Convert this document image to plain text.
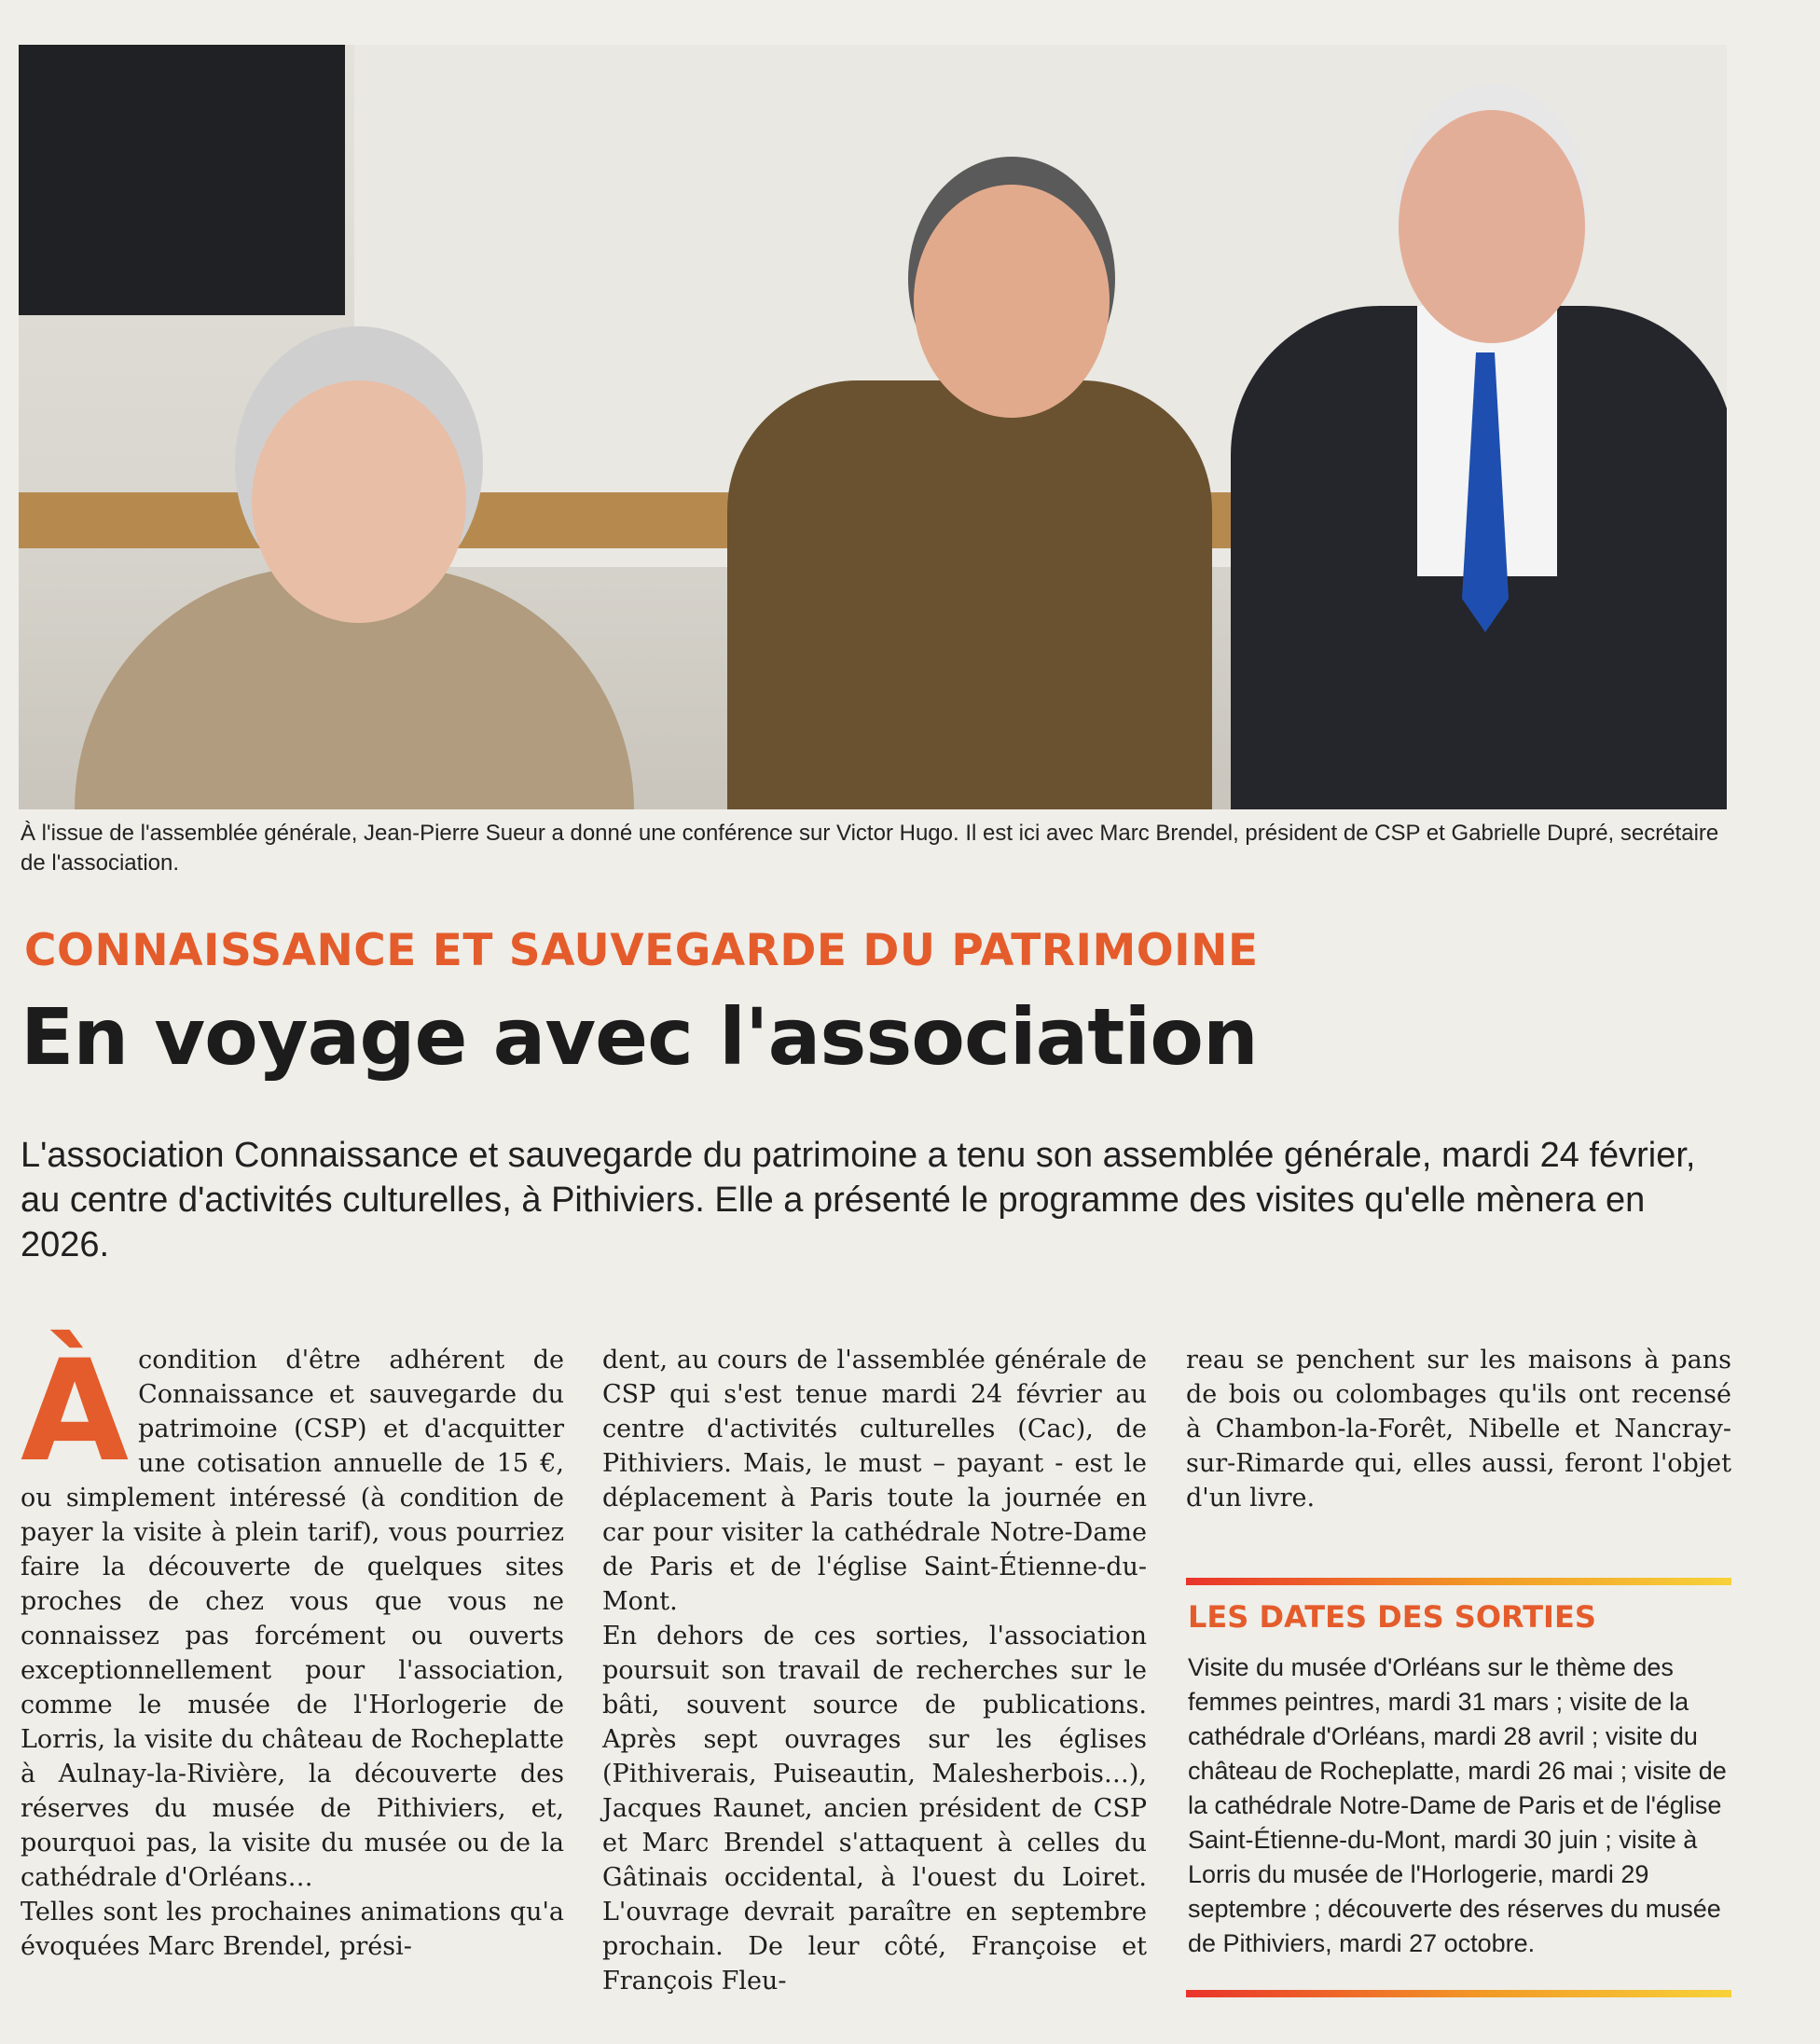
À l'issue de l'assemblée générale, Jean-Pierre Sueur a donné une conférence sur Victor Hugo. Il est ici avec Marc Brendel, président de CSP et Gabrielle Dupré, secrétaire de l'association.
CONNAISSANCE ET SAUVEGARDE DU PATRIMOINE
En voyage avec l'association
L'association Connaissance et sauvegarde du patrimoine a tenu son assemblée générale, mardi 24 février, au centre d'activités culturelles, à Pithiviers. Elle a présenté le programme des visites qu'elle mènera en 2026.
À condition d'être adhérent de Connaissance et sauvegarde du patrimoine (CSP) et d'acquitter une cotisation annuelle de 15 €, ou simplement intéressé (à condition de payer la visite à plein tarif), vous pourriez faire la découverte de quelques sites proches de chez vous que vous ne connaissez pas forcément ou ouverts exceptionnellement pour l'association, comme le musée de l'Horlogerie de Lorris, la visite du château de Rocheplatte à Aulnay-la-Rivière, la découverte des réserves du musée de Pithiviers, et, pourquoi pas, la visite du musée ou de la cathédrale d'Orléans…

Telles sont les prochaines animations qu'a évoquées Marc Brendel, prési-

dent, au cours de l'assemblée générale de CSP qui s'est tenue mardi 24 février au centre d'activités culturelles (Cac), de Pithiviers. Mais, le must – payant - est le déplacement à Paris toute la journée en car pour visiter la cathédrale Notre-Dame de Paris et de l'église Saint-Étienne-du-Mont.

En dehors de ces sorties, l'association poursuit son travail de recherches sur le bâti, souvent source de publications. Après sept ouvrages sur les églises (Pithiverais, Puiseautin, Malesherbois…), Jacques Raunet, ancien président de CSP et Marc Brendel s'attaquent à celles du Gâtinais occidental, à l'ouest du Loiret. L'ouvrage devrait paraître en septembre prochain. De leur côté, Françoise et François Fleu-

reau se penchent sur les maisons à pans de bois ou colombages qu'ils ont recensé à Chambon-la-Forêt, Nibelle et Nancray-sur-Rimarde qui, elles aussi, feront l'objet d'un livre.

LES DATES DES SORTIES
Visite du musée d'Orléans sur le thème des femmes peintres, mardi 31 mars ; visite de la cathédrale d'Orléans, mardi 28 avril ; visite du château de Rocheplatte, mardi 26 mai ; visite de la cathédrale Notre-Dame de Paris et de l'église Saint-Étienne-du-Mont, mardi 30 juin ; visite à Lorris du musée de l'Horlogerie, mardi 29 septembre ; découverte des réserves du musée de Pithiviers, mardi 27 octobre.
